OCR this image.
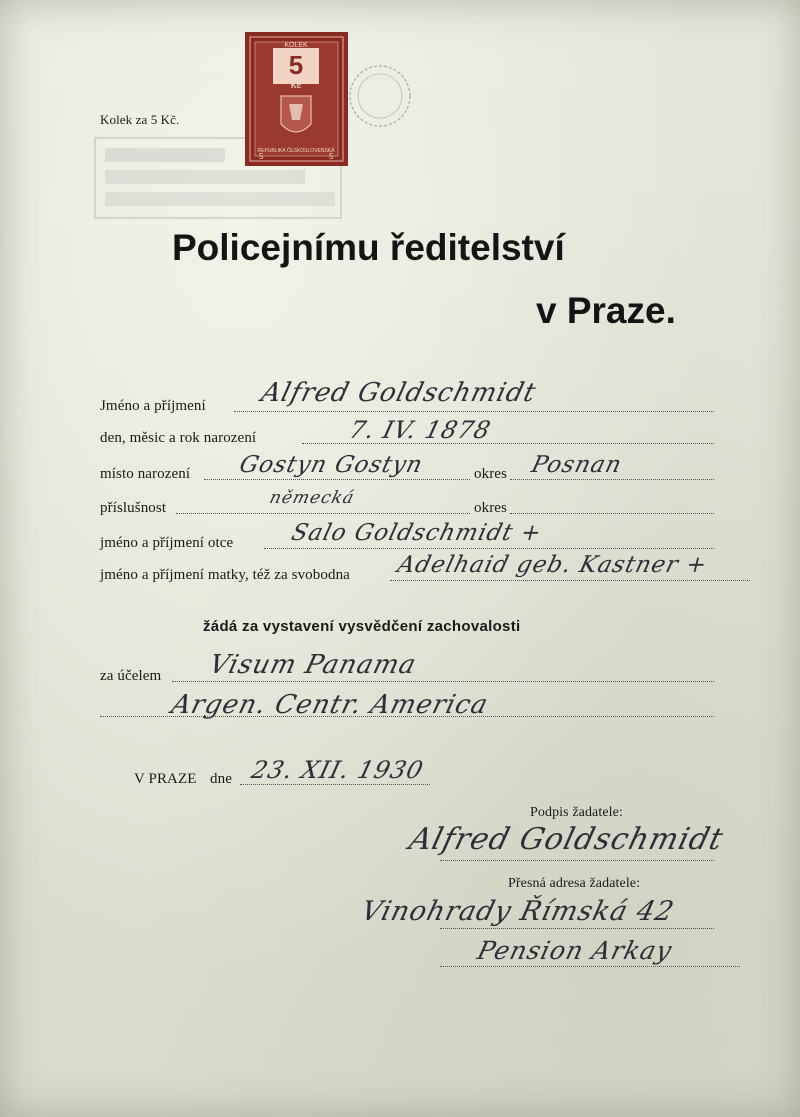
Kolek za 5 Kč.
5
KOLEK
Kč
REPUBLIKA ČESKOSLOVENSKÁ
5	5
Policejnímu ředitelství
v Praze.
Jméno a příjmení Alfred Goldschmidt
den, měsic a rok narození	7. IV. 1878
místo narození Gostyn Gostyn	okres Posnan
příslušnost	německá	okres
jméno a příjmení otce Salo Goldschmidt +
jméno a příjmení matky, též za svobodna Adelhaid geb. Kastner +
žádá za vystavení vysvědčení zachovalosti
za účelem Visum Panama
Argen. Centr. America
V PRAZE dne 23. XII. 1930
Podpis žadatele:
Alfred Goldschmidt
Přesná adresa žadatele:
Vinohrady Římská 42
Pension Arkay
